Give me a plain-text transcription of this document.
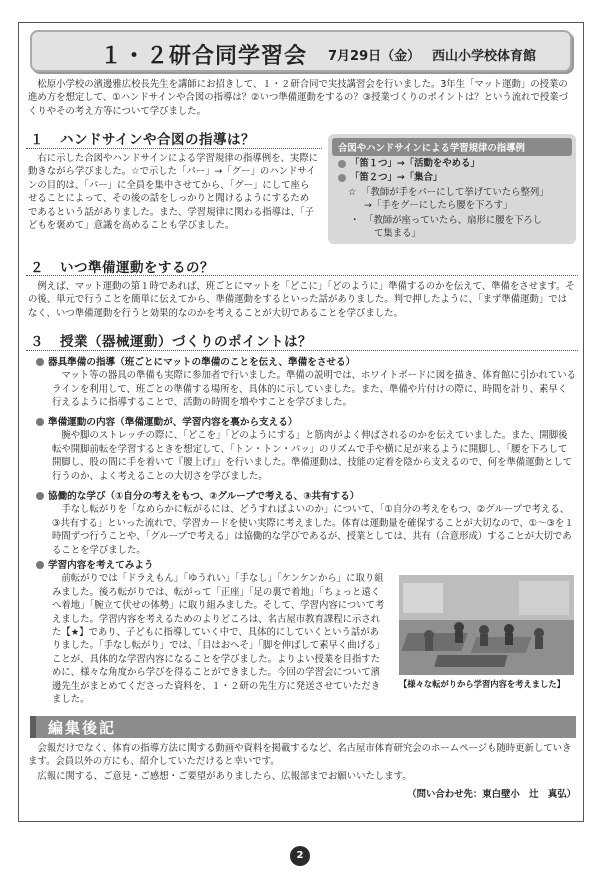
１・２研合同学習会 7月29日（金） 西山小学校体育館

松原小学校の濱邊雅広校長先生を講師にお招きして、１・２研合同で実技講習会を行いました。3年生「マット運動」の授業の進め方を想定して、①ハンドサインや合図の指導は？②いつ準備運動をするの？③授業づくりのポイントは？という流れで授業づくりやその考え方等について学びました。

１ ハンドサインや合図の指導は？

右に示した合図やハンドサインによる学習規律の指導例を、実際に動きながら学びました。☆で示した「パー」→「グー」のハンドサインの目的は、「パー」に全員を集中させてから、「グー」にして座らせることによって、その後の話をしっかりと聞けるようにするためであるという話がありました。また、学習規律に関わる指導は、「子どもを褒めて」意識を高めることも学びました。

合図やハンドサインによる学習規律の指導例
「笛１つ」→「活動をやめる」
「笛２つ」→「集合」
☆　「教師が手をパーにして挙げていたら整列」
→「手をグーにしたら腰を下ろす」
・　「教師が座っていたら、扇形に腰を下ろし
て集まる」
２ いつ準備運動をするの？

例えば、マット運動の第１時であれば、班ごとにマットを「どこに」「どのように」準備するのかを伝えて、準備をさせます。その後、単元で行うことを簡単に伝えてから、準備運動をするといった話がありました。判で押したように、「まず準備運動」ではなく、いつ準備運動を行うと効果的なのかを考えることが大切であることを学びました。

３ 授業（器械運動）づくりのポイントは？
器具準備の指導（班ごとにマットの準備のことを伝え、準備をさせる）

マット等の器具の準備も実際に参加者で行いました。準備の説明では、ホワイトボードに図を描き、体育館に引かれているラインを利用して、班ごとの準備する場所を、具体的に示していました。また、準備や片付けの際に、時間を計り、素早く行えるように指導することで、活動の時間を増やすことを学びました。

準備運動の内容（準備運動が、学習内容を裏から支える）

腕や脚のストレッチの際に、「どこを」「どのようにする」と筋肉がよく伸ばされるのかを伝えていました。また、開脚後転や開脚前転を学習するときを想定して、「トン・トン・パッ」のリズムで手や横に足が来るように開脚し、「腰を下ろして開脚し、股の間に手を着いて『腰上げ』」を行いました。準備運動は、技能の定着を陰から支えるので、何を準備運動として行うのか、よく考えることの大切さを学びました。

協働的な学び（①自分の考えをもつ、②グループで考える、③共有する）

手なし転がりを「なめらかに転がるには、どうすればよいのか」について、「①自分の考えをもつ、②グループで考える、③共有する」といった流れで、学習カードを使い実際に考えました。体育は運動量を確保することが大切なので、①～③を１時間ずつ行うことや、「グループで考える」は協働的な学びであるが、授業としては、共有（合意形成）することが大切であることを学びました。

学習内容を考えてみよう

前転がりでは「ドラえもん」「ゆうれい」「手なし」「ケンケンから」に取り組みました。後ろ転がりでは、転がって「正座」「足の裏で着地」「ちょっと遠くへ着地」「腕立て伏せの体勢」に取り組みました。そして、学習内容について考えました。学習内容を考えるためのよりどころは、名古屋市教育課程に示された【★】であり、子どもに指導していく中で、具体的にしていくという話がありました。「手なし転がり」では、「目はおへそ」「脚を伸ばして素早く曲げる」ことが、具体的な学習内容になることを学びました。よりよい授業を目指すために、様々な角度から学びを得ることができました。今回の学習会について濱邊先生がまとめてくださった資料を、１・２研の先生方に発送させていただきました。

【様々な転がりから学習内容を考えました】
編集後記

会報だけでなく、体育の指導方法に関する動画や資料を掲載するなど、名古屋市体育研究会のホームページも随時更新していきます。会員以外の方にも、紹介していただけると幸いです。

広報に関する、ご意見・ご感想・ご要望がありましたら、広報部までお願いいたします。

（問い合わせ先：東白壁小　辻　真弘）
2
